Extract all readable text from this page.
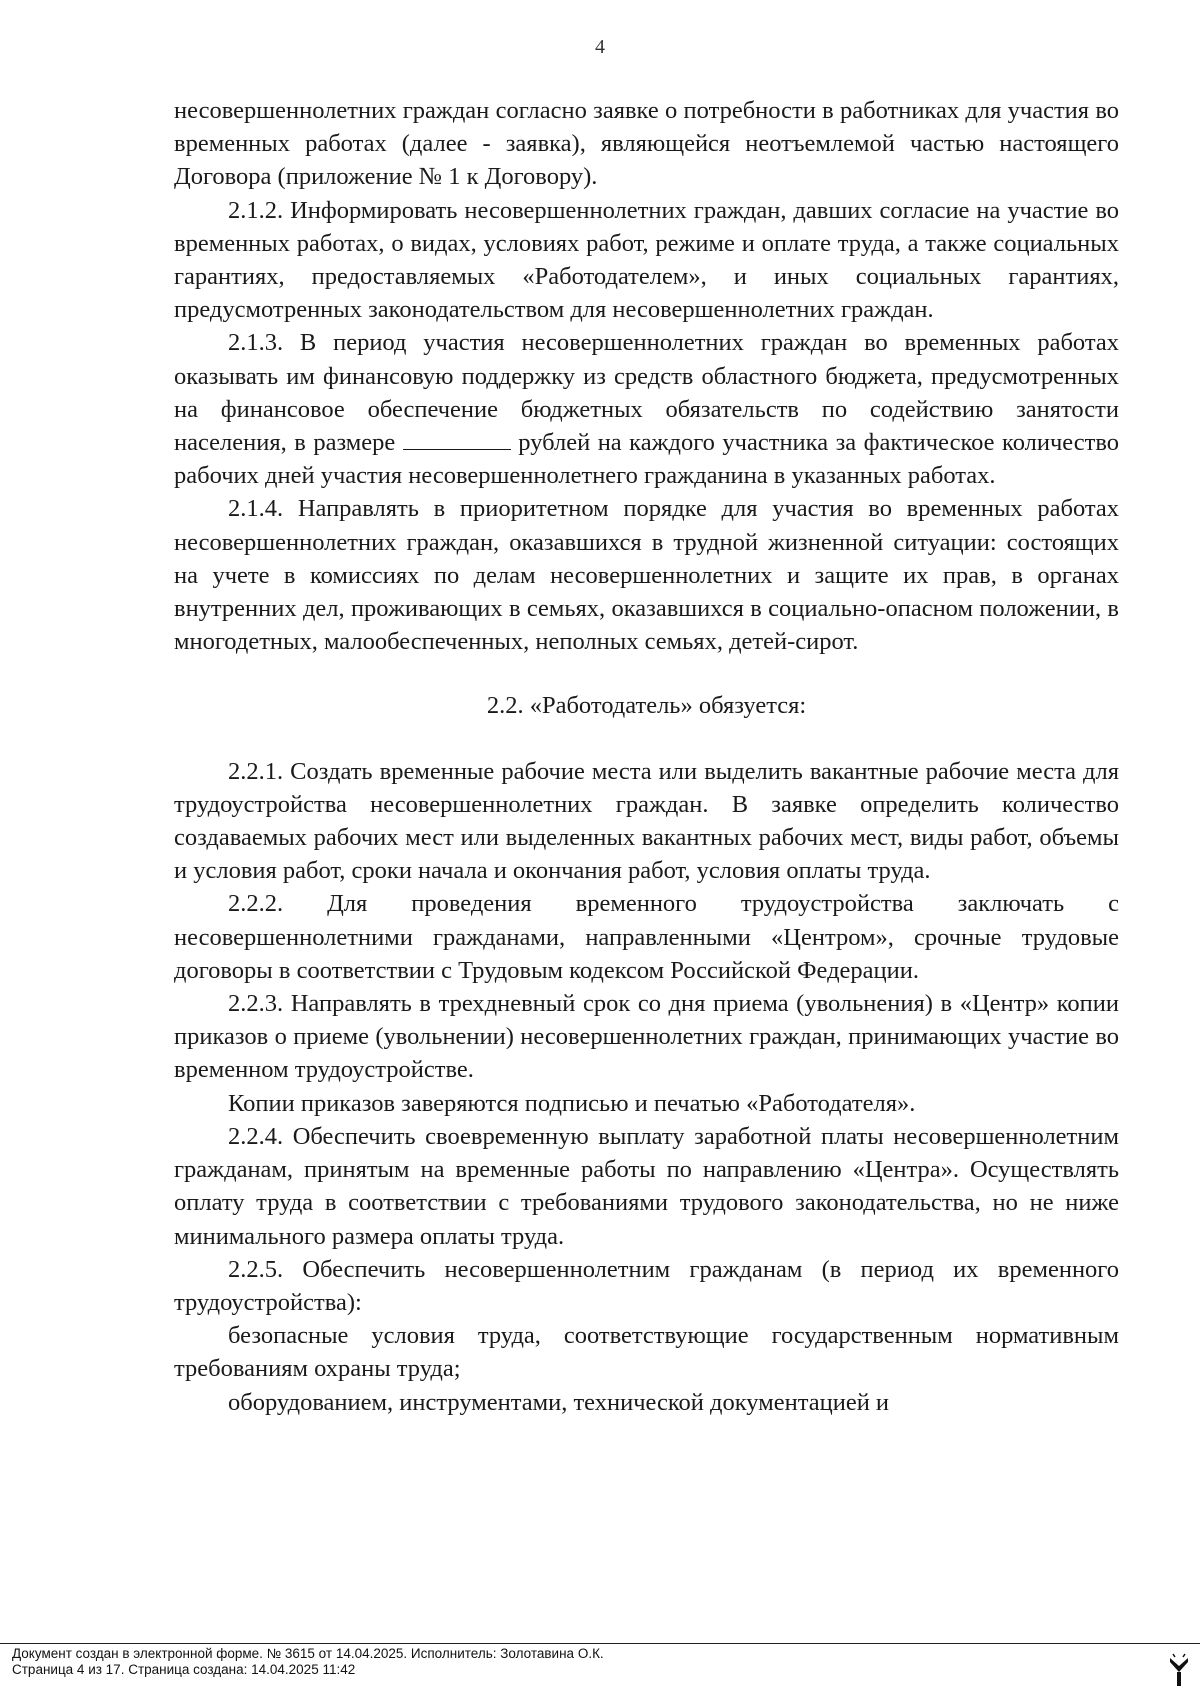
4

несовершеннолетних граждан согласно заявке о потребности в работниках для участия во временных работах (далее - заявка), являющейся неотъемлемой частью настоящего Договора (приложение № 1 к Договору).

2.1.2. Информировать несовершеннолетних граждан, давших согласие на участие во временных работах, о видах, условиях работ, режиме и оплате труда, а также социальных гарантиях, предоставляемых «Работодателем», и иных социальных гарантиях, предусмотренных законодательством для несовершеннолетних граждан.

2.1.3. В период участия несовершеннолетних граждан во временных работах оказывать им финансовую поддержку из средств областного бюджета, предусмотренных на финансовое обеспечение бюджетных обязательств по содействию занятости населения, в размере	рублей на каждого участника за фактическое количество рабочих дней участия несовершеннолетнего гражданина в указанных работах.

2.1.4. Направлять в приоритетном порядке для участия во временных работах несовершеннолетних граждан, оказавшихся в трудной жизненной ситуации: состоящих на учете в комиссиях по делам несовершеннолетних и защите их прав, в органах внутренних дел, проживающих в семьях, оказавшихся в социально-опасном положении, в многодетных, малообеспеченных, неполных семьях, детей-сирот.

2.2. «Работодатель» обязуется:

2.2.1. Создать временные рабочие места или выделить вакантные рабочие места для трудоустройства несовершеннолетних граждан. В заявке определить количество создаваемых рабочих мест или выделенных вакантных рабочих мест, виды работ, объемы и условия работ, сроки начала и окончания работ, условия оплаты труда.

2.2.2. Для проведения временного трудоустройства заключать с несовершеннолетними гражданами, направленными «Центром», срочные трудовые договоры в соответствии с Трудовым кодексом Российской Федерации.

2.2.3. Направлять в трехдневный срок со дня приема (увольнения) в «Центр» копии приказов о приеме (увольнении) несовершеннолетних граждан, принимающих участие во временном трудоустройстве.

Копии приказов заверяются подписью и печатью «Работодателя».

2.2.4. Обеспечить своевременную выплату заработной платы несовершеннолетним гражданам, принятым на временные работы по направлению «Центра». Осуществлять оплату труда в соответствии с требованиями трудового законодательства, но не ниже минимального размера оплаты труда.

2.2.5. Обеспечить несовершеннолетним гражданам (в период их временного трудоустройства):

безопасные условия труда, соответствующие государственным нормативным требованиям охраны труда;

оборудованием, инструментами, технической документацией и

Документ создан в электронной форме. № 3615 от 14.04.2025. Исполнитель: Золотавина О.К.
Страница 4 из 17. Страница создана: 14.04.2025 11:42
